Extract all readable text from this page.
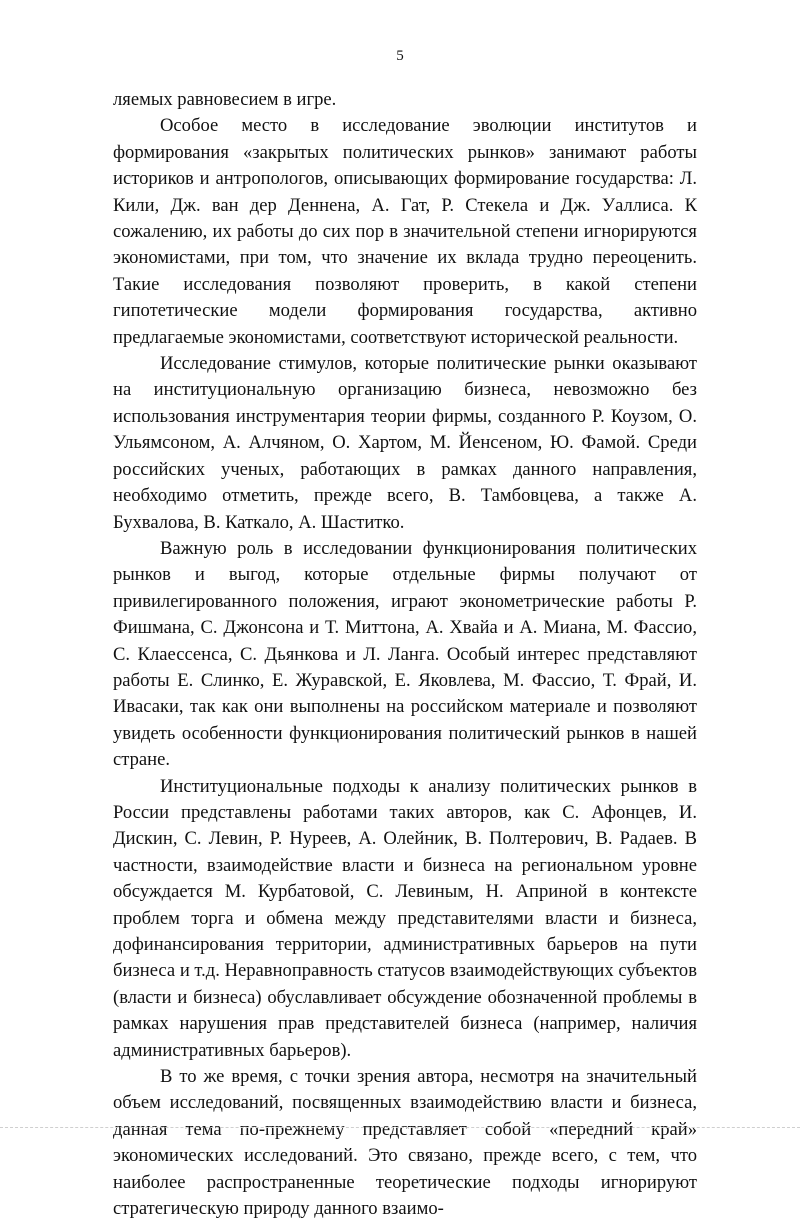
5

ляемых равновесием в игре.

Особое место в исследование эволюции институтов и формирования «закрытых политических рынков» занимают работы историков и антропологов, описывающих формирование государства: Л. Кили, Дж. ван дер Деннена, А. Гат, Р. Стекела и Дж. Уаллиса. К сожалению, их работы до сих пор в значительной степени игнорируются экономистами, при том, что значение их вклада трудно переоценить. Такие исследования позволяют проверить, в какой степени гипотетические модели формирования государства, активно предлагаемые экономистами, соответствуют исторической реальности.

Исследование стимулов, которые политические рынки оказывают на институциональную организацию бизнеса, невозможно без использования инструментария теории фирмы, созданного Р. Коузом, О. Ульямсоном, А. Алчяном, О. Хартом, М. Йенсеном, Ю. Фамой. Среди российских ученых, работающих в рамках данного направления, необходимо отметить, прежде всего, В. Тамбовцева, а также А. Бухвалова, В. Каткало, А. Шаститко.

Важную роль в исследовании функционирования политических рынков и выгод, которые отдельные фирмы получают от привилегированного положения, играют эконометрические работы Р. Фишмана, С. Джонсона и Т. Миттона, А. Хвайа и А. Миана, М. Фассио, С. Клаессенса, С. Дьянкова и Л. Ланга. Особый интерес представляют работы Е. Слинко, Е. Журавской, Е. Яковлева, М. Фассио, Т. Фрай, И. Ивасаки, так как они выполнены на российском материале и позволяют увидеть особенности функционирования политический рынков в нашей стране.

Институциональные подходы к анализу политических рынков в России представлены работами таких авторов, как С. Афонцев, И. Дискин, С. Левин, Р. Нуреев, А. Олейник, В. Полтерович, В. Радаев. В частности, взаимодействие власти и бизнеса на региональном уровне обсуждается М. Курбатовой, С. Левиным, Н. Априной в контексте проблем торга и обмена между представителями власти и бизнеса, дофинансирования территории, административных барьеров на пути бизнеса и т.д. Неравноправность статусов взаимодействующих субъектов (власти и бизнеса) обуславливает обсуждение обозначенной проблемы в рамках нарушения прав представителей бизнеса (например, наличия административных барьеров).

В то же время, с точки зрения автора, несмотря на значительный объем исследований, посвященных взаимодействию власти и бизнеса, данная тема по-прежнему представляет собой «передний край» экономических исследований. Это связано, прежде всего, с тем, что наиболее распространенные теоретические подходы игнорируют стратегическую природу данного взаимо-
